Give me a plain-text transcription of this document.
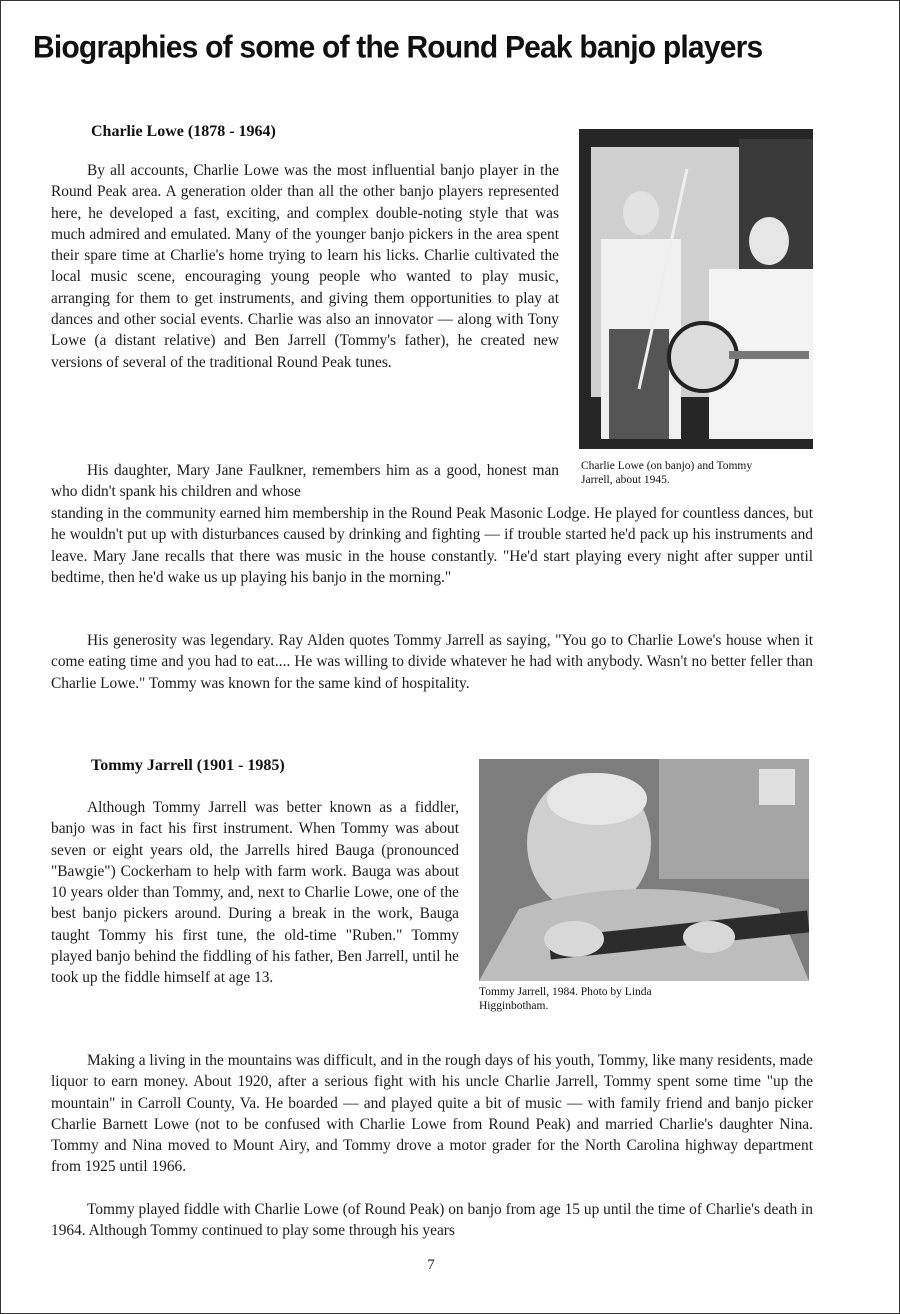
Biographies of some of the Round Peak banjo players
Charlie Lowe (1878 - 1964)

By all accounts, Charlie Lowe was the most influential banjo player in the Round Peak area. A generation older than all the other banjo players represented here, he developed a fast, exciting, and complex double-noting style that was much admired and emulated. Many of the younger banjo pickers in the area spent their spare time at Charlie's home trying to learn his licks. Charlie cultivated the local music scene, encouraging young people who wanted to play music, arranging for them to get instruments, and giving them opportunities to play at dances and other social events. Charlie was also an innovator — along with Tony Lowe (a distant relative) and Ben Jarrell (Tommy's father), he created new versions of several of the traditional Round Peak tunes.

Charlie Lowe (on banjo) and Tommy Jarrell, about 1945.

His daughter, Mary Jane Faulkner, remembers him as a good, honest man who didn't spank his children and whose

standing in the community earned him membership in the Round Peak Masonic Lodge. He played for countless dances, but he wouldn't put up with disturbances caused by drinking and fighting — if trouble started he'd pack up his instruments and leave. Mary Jane recalls that there was music in the house constantly. "He'd start playing every night after supper until bedtime, then he'd wake us up playing his banjo in the morning."

His generosity was legendary. Ray Alden quotes Tommy Jarrell as saying, "You go to Charlie Lowe's house when it come eating time and you had to eat.... He was willing to divide whatever he had with anybody. Wasn't no better feller than Charlie Lowe." Tommy was known for the same kind of hospitality.

Tommy Jarrell (1901 - 1985)

Although Tommy Jarrell was better known as a fiddler, banjo was in fact his first instrument. When Tommy was about seven or eight years old, the Jarrells hired Bauga (pronounced "Bawgie") Cockerham to help with farm work. Bauga was about 10 years older than Tommy, and, next to Charlie Lowe, one of the best banjo pickers around. During a break in the work, Bauga taught Tommy his first tune, the old-time "Ruben." Tommy played banjo behind the fiddling of his father, Ben Jarrell, until he took up the fiddle himself at age 13.

Tommy Jarrell, 1984. Photo by Linda Higginbotham.

Making a living in the mountains was difficult, and in the rough days of his youth, Tommy, like many residents, made liquor to earn money. About 1920, after a serious fight with his uncle Charlie Jarrell, Tommy spent some time "up the mountain" in Carroll County, Va. He boarded — and played quite a bit of music — with family friend and banjo picker Charlie Barnett Lowe (not to be confused with Charlie Lowe from Round Peak) and married Charlie's daughter Nina. Tommy and Nina moved to Mount Airy, and Tommy drove a motor grader for the North Carolina highway department from 1925 until 1966.

Tommy played fiddle with Charlie Lowe (of Round Peak) on banjo from age 15 up until the time of Charlie's death in 1964. Although Tommy continued to play some through his years

7
